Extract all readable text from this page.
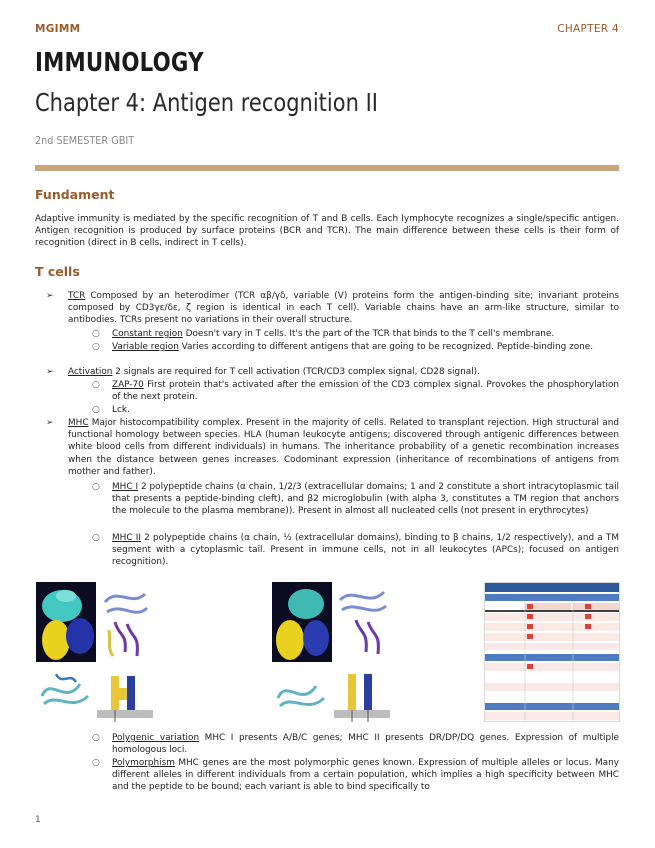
MGIMM	CHAPTER 4
IMMUNOLOGY
Chapter 4: Antigen recognition II
2nd SEMESTER GBIT
Fundament
Adaptive immunity is mediated by the specific recognition of T and B cells. Each lymphocyte recognizes a single/specific antigen. Antigen recognition is produced by surface proteins (BCR and TCR). The main difference between these cells is their form of recognition (direct in B cells, indirect in T cells).
T cells
➢ TCR Composed by an heterodimer (TCR αβ/γδ, variable (V) proteins form the antigen-binding site; invariant proteins composed by CD3γε/δε, ζ region is identical in each T cell). Variable chains have an arm-like structure, similar to antibodies. TCRs present no variations in their overall structure.
○ Constant region Doesn't vary in T cells. It's the part of the TCR that binds to the T cell's membrane.
○ Variable region Varies according to different antigens that are going to be recognized. Peptide-binding zone.
➢ Activation 2 signals are required for T cell activation (TCR/CD3 complex signal, CD28 signal).
○ ZAP-70 First protein that's activated after the emission of the CD3 complex signal. Provokes the phosphorylation of the next protein.
○ Lck.
➢ MHC Major histocompatibility complex. Present in the majority of cells. Related to transplant rejection. High structural and functional homology between species. HLA (human leukocyte antigens; discovered through antigenic differences between white blood cells from different individuals) in humans. The inheritance probability of a genetic recombination increases when the distance between genes increases. Codominant expression (inheritance of recombinations of antigens from mother and father).
○ MHC I 2 polypeptide chains (α chain, 1/2/3 (extracellular domains; 1 and 2 constitute a short intracytoplasmic tail that presents a peptide-binding cleft), and β2 microglobulin (with alpha 3, constitutes a TM region that anchors the molecule to the plasma membrane)). Present in almost all nucleated cells (not present in erythrocytes)
○ MHC II 2 polypeptide chains (α chain, ½ (extracellular domains), binding to β chains, 1/2 respectively), and a TM segment with a cytoplasmic tail. Present in immune cells, not in all leukocytes (APCs); focused on antigen recognition).
○ Polygenic variation MHC I presents A/B/C genes; MHC II presents DR/DP/DQ genes. Expression of multiple homologous loci.
○ Polymorphism MHC genes are the most polymorphic genes known. Expression of multiple alleles or locus. Many different alleles in different individuals from a certain population, which implies a high specificity between MHC and the peptide to be bound; each variant is able to bind specifically to
1
